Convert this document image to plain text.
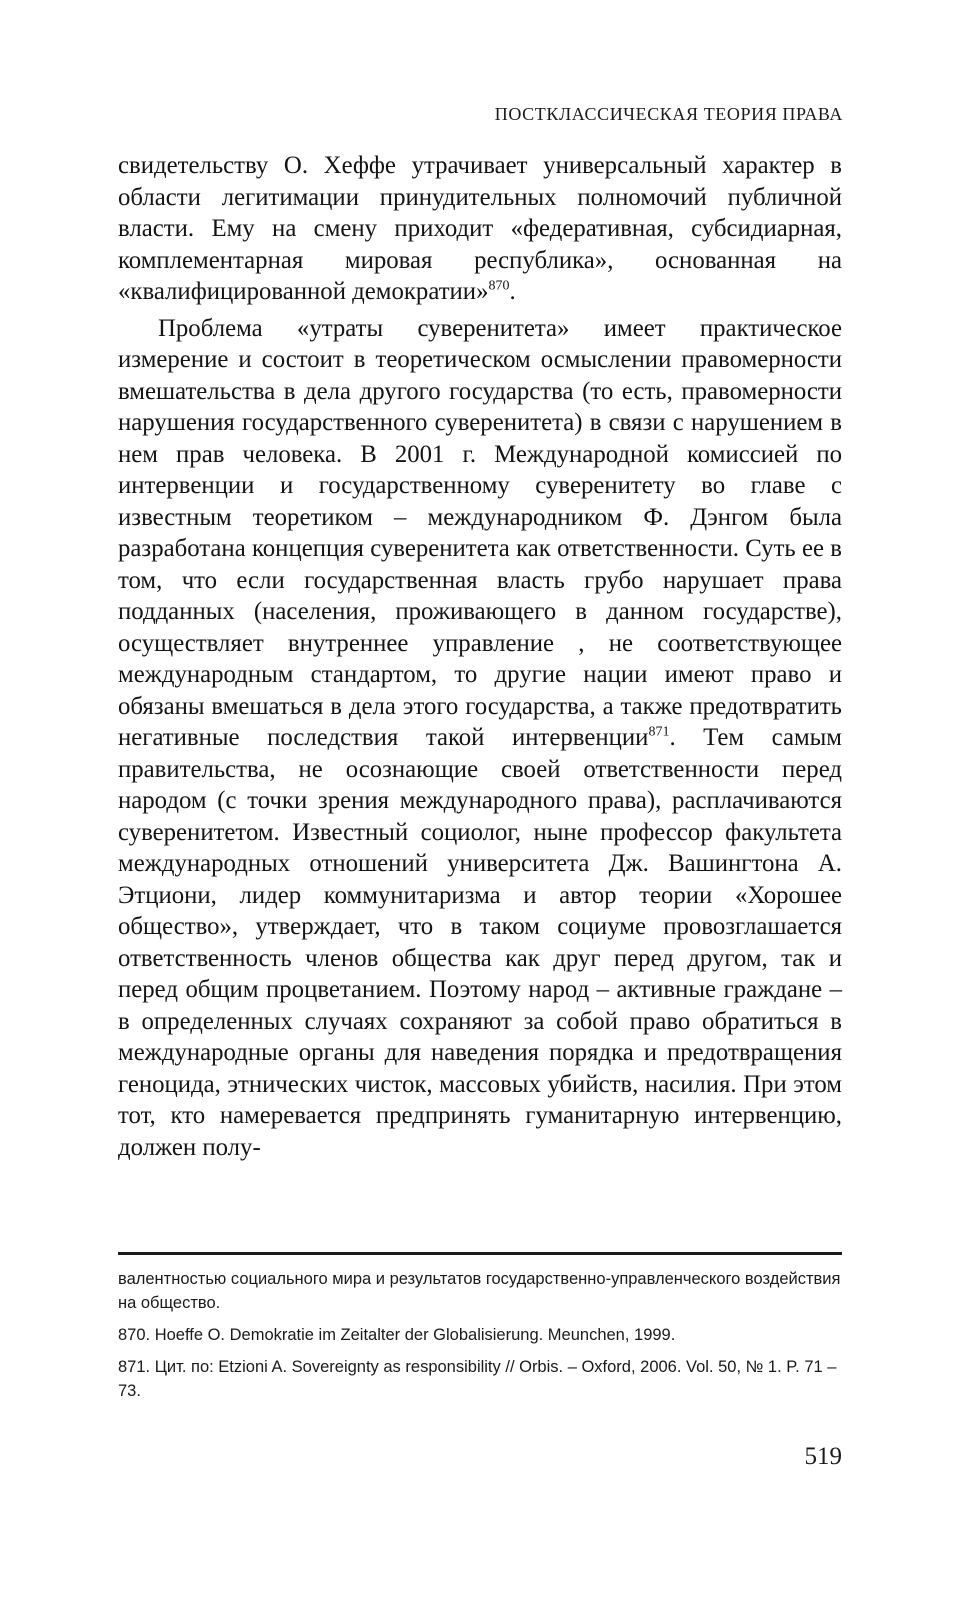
ПОСТКЛАССИЧЕСКАЯ ТЕОРИЯ ПРАВА

свидетельству О. Хеффе утрачивает универсальный характер в области легитимации принудительных полномочий публичной власти. Ему на смену приходит «федеративная, субсидиарная, комплементарная мировая республика», основанная на «квалифицированной демократии»$^{870}$.

Проблема «утраты суверенитета» имеет практическое измерение и состоит в теоретическом осмыслении правомерности вмешательства в дела другого государства (то есть, правомерности нарушения государственного суверенитета) в связи с нарушением в нем прав человека. В 2001 г. Международной комиссией по интервенции и государственному суверенитету во главе с известным теоретиком – международником Ф. Дэнгом была разработана концепция суверенитета как ответственности. Суть ее в том, что если государственная власть грубо нарушает права подданных (населения, проживающего в данном государстве), осуществляет внутреннее управление , не соответствующее международным стандартом, то другие нации имеют право и обязаны вмешаться в дела этого государства, а также предотвратить негативные последствия такой интервенции$^{871}$. Тем самым правительства, не осознающие своей ответственности перед народом (с точки зрения международного права), расплачиваются суверенитетом. Известный социолог, ныне профессор факультета международных отношений университета Дж. Вашингтона А. Этциони, лидер коммунитаризма и автор теории «Хорошее общество», утверждает, что в таком социуме провозглашается ответственность членов общества как друг перед другом, так и перед общим процветанием. Поэтому народ – активные граждане – в определенных случаях сохраняют за собой право обратиться в международные органы для наведения порядка и предотвращения геноцида, этнических чисток, массовых убийств, насилия. При этом тот, кто намеревается предпринять гуманитарную интервенцию, должен полу-

валентностью социального мира и результатов государственно-управленческого воздействия на общество.

870. Hoeffe O. Demokratie im Zeitalter der Globalisierung. Meunchen, 1999.

871. Цит. по: Etzioni A. Sovereignty as responsibility // Orbis. – Oxford, 2006. Vol. 50, № 1. P. 71 – 73.

519
